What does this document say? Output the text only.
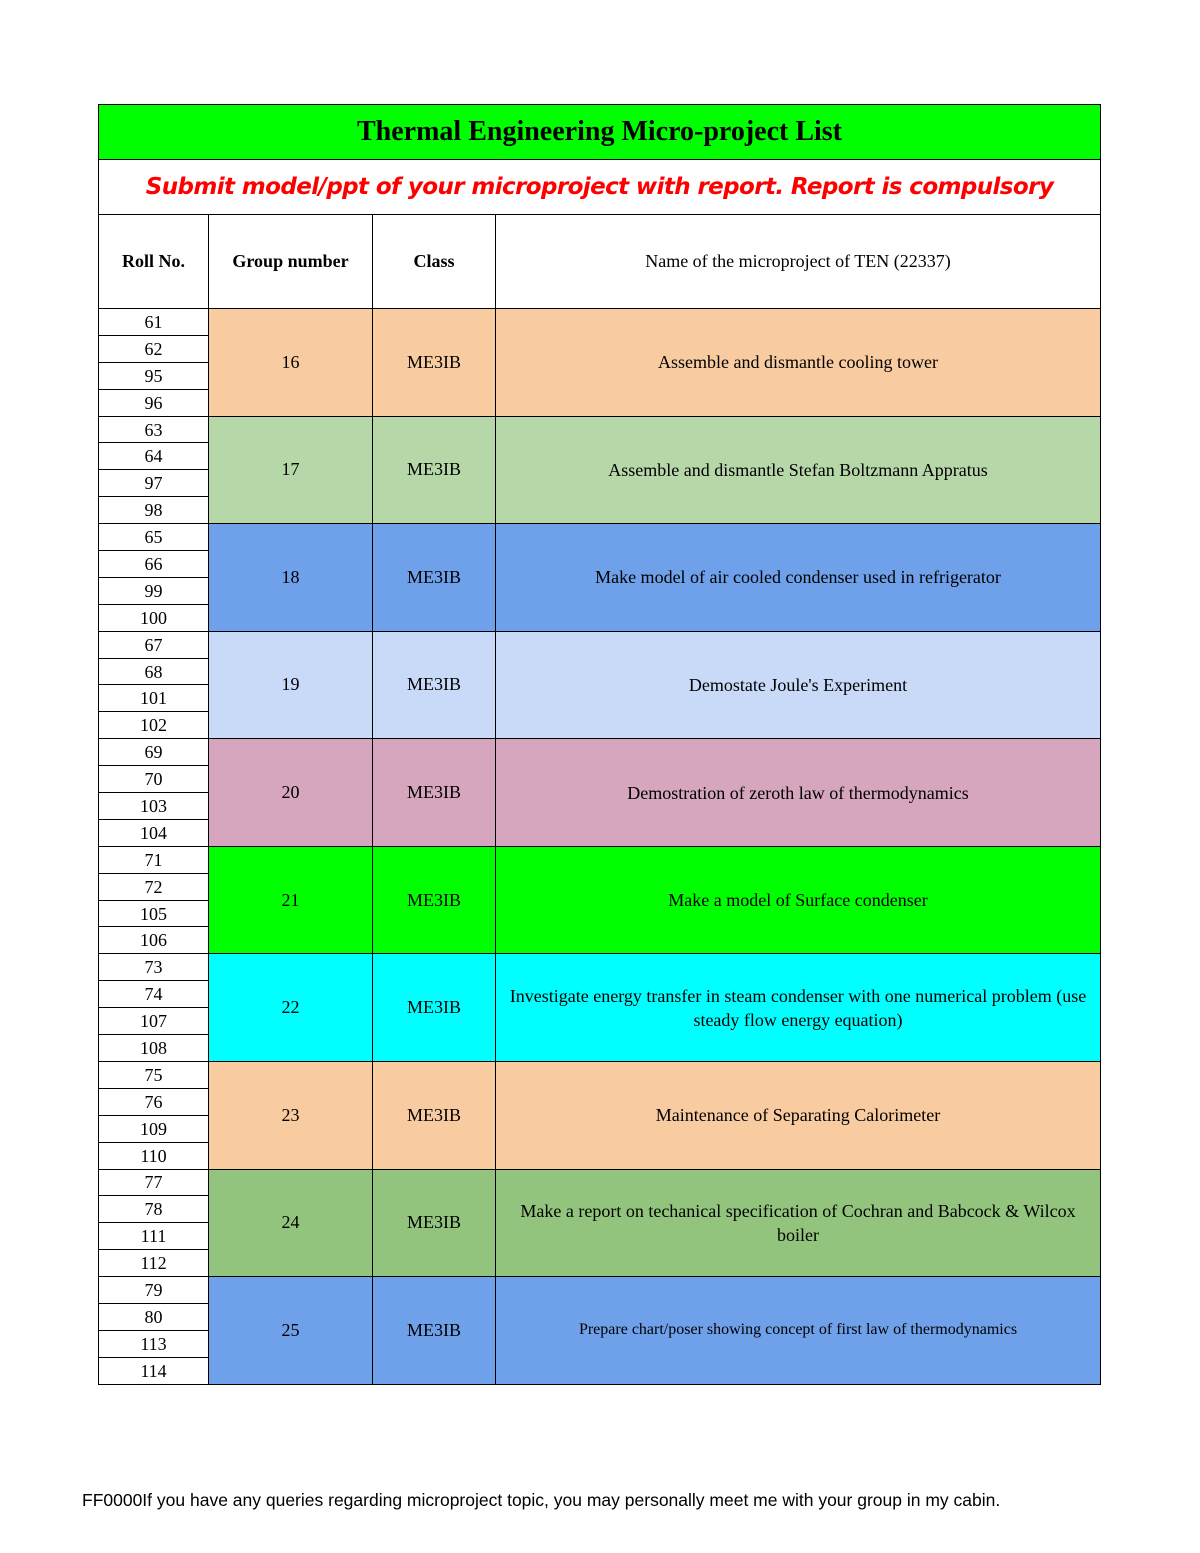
Thermal Engineering Micro-project List			
Submit model/ppt of your microproject with report. Report is compulsory			
Roll No.	Group number	Class	Name of the microproject of TEN (22337)
61	16	ME3IB	Assemble and dismantle cooling tower
62			
95			
96			
63	17	ME3IB	Assemble and dismantle Stefan Boltzmann Appratus
64			
97			
98			
65	18	ME3IB	Make model of air cooled condenser used in refrigerator
66			
99			
100			
67	19	ME3IB	Demostate Joule's Experiment
68			
101			
102			
69	20	ME3IB	Demostration of zeroth law of thermodynamics
70			
103			
104			
71	21	ME3IB	Make a model of Surface condenser
72			
105			
106			
73	22	ME3IB	Investigate energy transfer in steam condenser with one numerical problem (use steady flow energy equation)
74			
107			
108			
75	23	ME3IB	Maintenance of Separating Calorimeter
76			
109			
110			
77	24	ME3IB	Make a report on techanical specification of Cochran and Babcock & Wilcox boiler
78			
111			
112			
79	25	ME3IB	Prepare chart/poser showing concept of first law of thermodynamics
80			
113			
114			
FF0000If you have any queries regarding microproject topic, you may personally meet me with your group in my cabin.
